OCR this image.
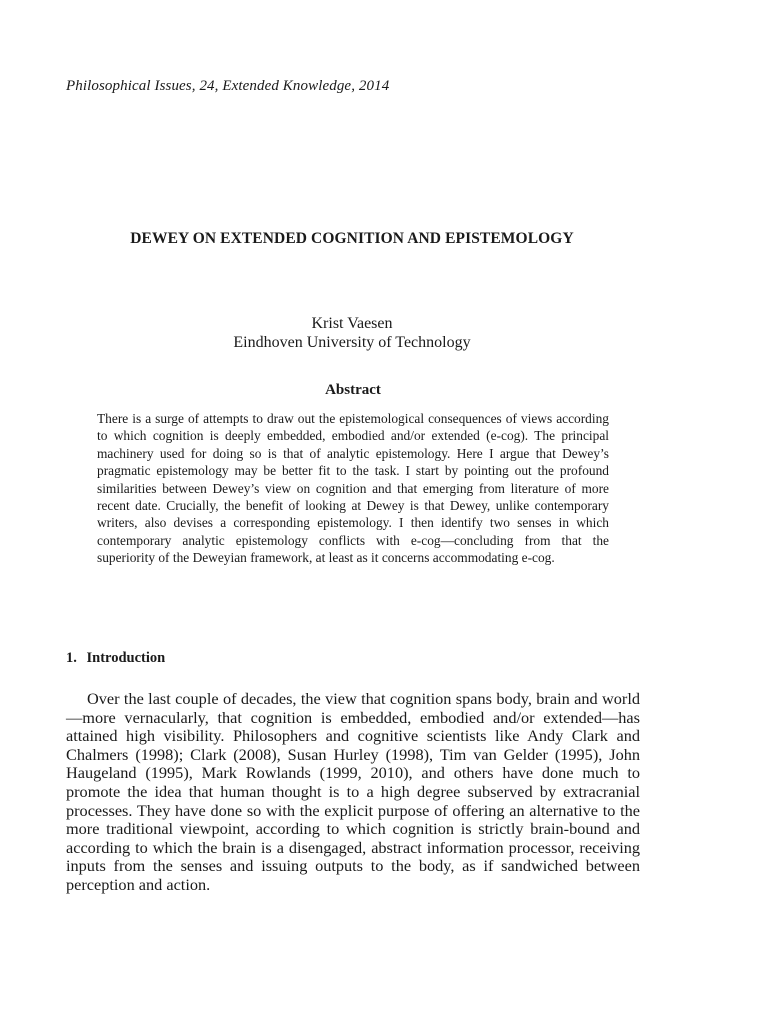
Philosophical Issues, 24, Extended Knowledge, 2014
DEWEY ON EXTENDED COGNITION AND EPISTEMOLOGY
Krist Vaesen
Eindhoven University of Technology
Abstract
There is a surge of attempts to draw out the epistemological consequences of views according to which cognition is deeply embedded, embodied and/or extended (e-cog). The principal machinery used for doing so is that of analytic epistemology. Here I argue that Dewey’s pragmatic epistemology may be better fit to the task. I start by pointing out the profound similarities between Dewey’s view on cognition and that emerging from literature of more recent date. Crucially, the benefit of looking at Dewey is that Dewey, unlike contemporary writers, also devises a corresponding epistemology. I then identify two senses in which contemporary analytic epistemology conflicts with e-cog—concluding from that the superiority of the Deweyian framework, at least as it concerns accommodating e-cog.
1. Introduction
Over the last couple of decades, the view that cognition spans body, brain and world—more vernacularly, that cognition is embedded, embodied and/or extended—has attained high visibility. Philosophers and cognitive scientists like Andy Clark and Chalmers (1998); Clark (2008), Susan Hurley (1998), Tim van Gelder (1995), John Haugeland (1995), Mark Rowlands (1999, 2010), and others have done much to promote the idea that human thought is to a high degree subserved by extracranial processes. They have done so with the explicit purpose of offering an alternative to the more traditional viewpoint, according to which cognition is strictly brain-bound and according to which the brain is a disengaged, abstract information processor, receiving inputs from the senses and issuing outputs to the body, as if sandwiched between perception and action.
